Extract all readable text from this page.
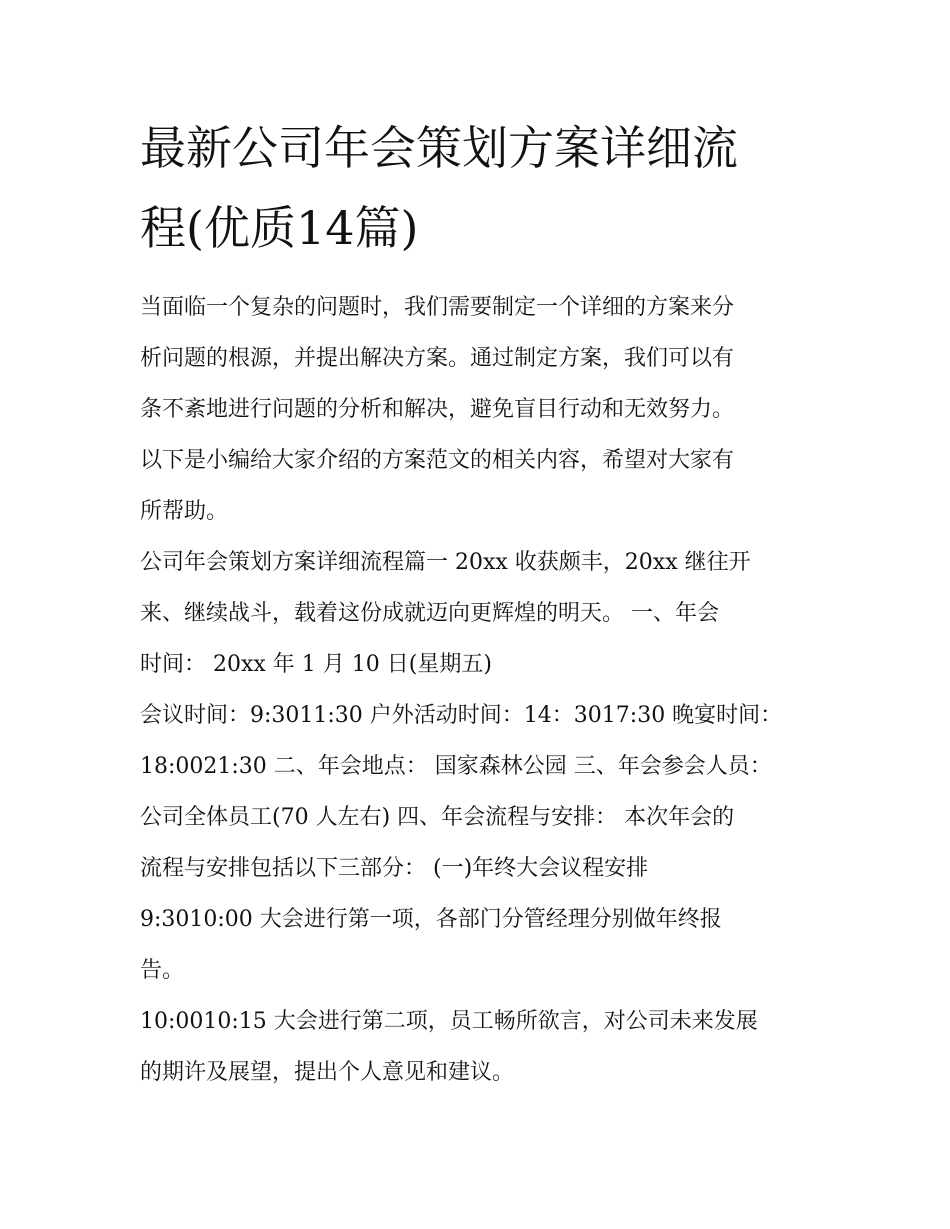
最新公司年会策划方案详细流
程(优质14篇)

当面临一个复杂的问题时，我们需要制定一个详细的方案来分
析问题的根源，并提出解决方案。通过制定方案，我们可以有
条不紊地进行问题的分析和解决，避免盲目行动和无效努力。
以下是小编给大家介绍的方案范文的相关内容，希望对大家有
所帮助。

公司年会策划方案详细流程篇一 20xx 收获颇丰，20xx 继往开
来、继续战斗，载着这份成就迈向更辉煌的明天。 一、年会
时间： 20xx 年 1 月 10 日(星期五)

会议时间：9:3011:30 户外活动时间：14：3017:30 晚宴时间：
18:0021:30 二、年会地点： 国家森林公园 三、年会参会人员：
公司全体员工(70 人左右) 四、年会流程与安排： 本次年会的
流程与安排包括以下三部分： (一)年终大会议程安排

9:3010:00 大会进行第一项，各部门分管经理分别做年终报
告。

10:0010:15 大会进行第二项，员工畅所欲言，对公司未来发展
的期许及展望，提出个人意见和建议。
